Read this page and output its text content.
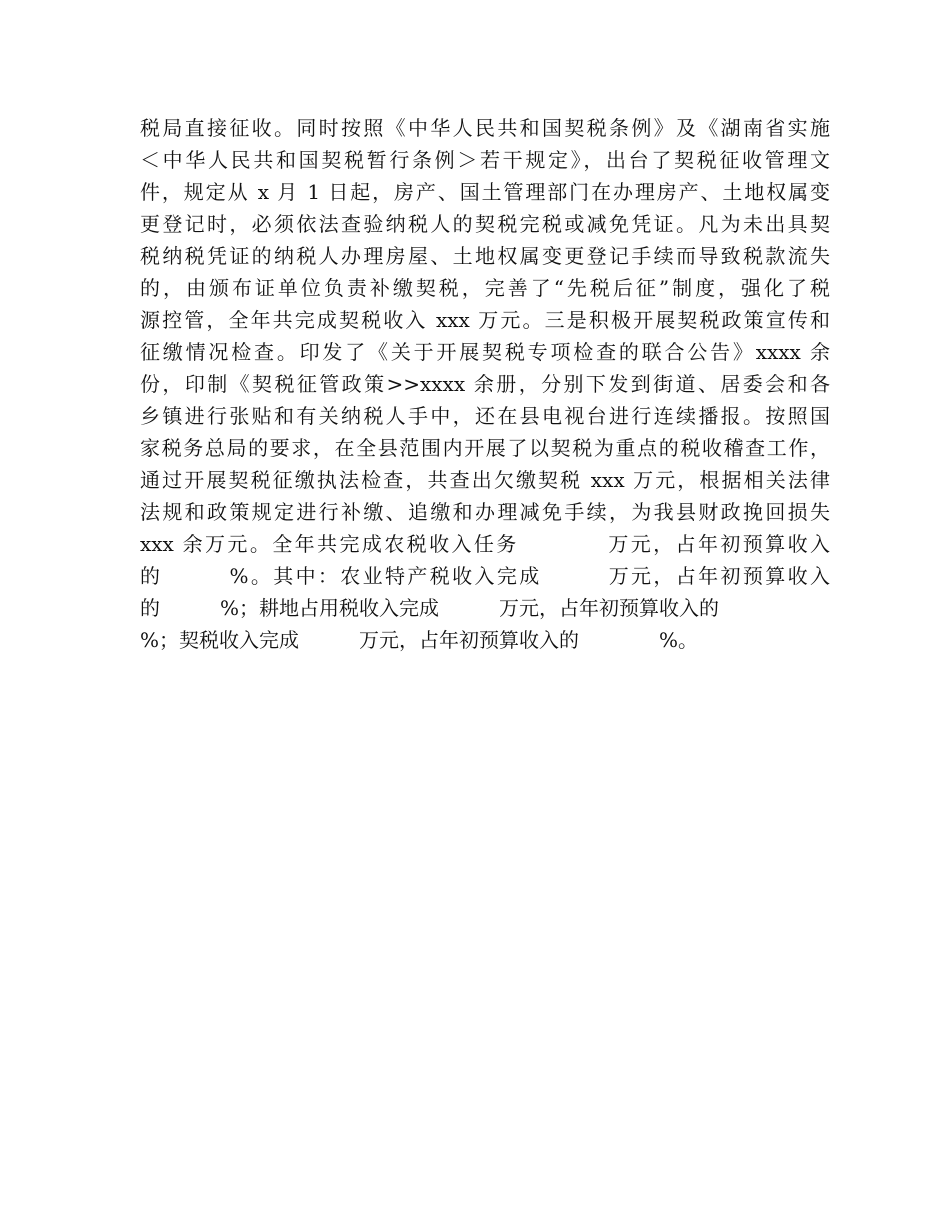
税局直接征收。同时按照《中华人民共和国契税条例》及《湖南省实施
＜中华人民共和国契税暂行条例＞若干规定》，出台了契税征收管理文
件，规定从 x 月 1 日起，房产、国土管理部门在办理房产、土地权属变
更登记时，必须依法查验纳税人的契税完税或减免凭证。凡为未出具契
税纳税凭证的纳税人办理房屋、土地权属变更登记手续而导致税款流失
的，由颁布证单位负责补缴契税，完善了“先税后征”制度，强化了税
源控管，全年共完成契税收入 xxx 万元。三是积极开展契税政策宣传和
征缴情况检查。印发了《关于开展契税专项检查的联合公告》xxxx 余
份，印制《契税征管政策>>xxxx 余册，分别下发到街道、居委会和各
乡镇进行张贴和有关纳税人手中，还在县电视台进行连续播报。按照国
家税务总局的要求，在全县范围内开展了以契税为重点的税收稽查工作，
通过开展契税征缴执法检查，共查出欠缴契税 xxx 万元，根据相关法律
法规和政策规定进行补缴、追缴和办理减免手续，为我县财政挽回损失
xxx 余万元。全年共完成农税收入任务　　　　万元，占年初预算收入
的　　　%。其中：农业特产税收入完成　　　万元，占年初预算收入
的　　　%；耕地占用税收入完成　　　万元，占年初预算收入的
%；契税收入完成　　　万元，占年初预算收入的　　　　%。
